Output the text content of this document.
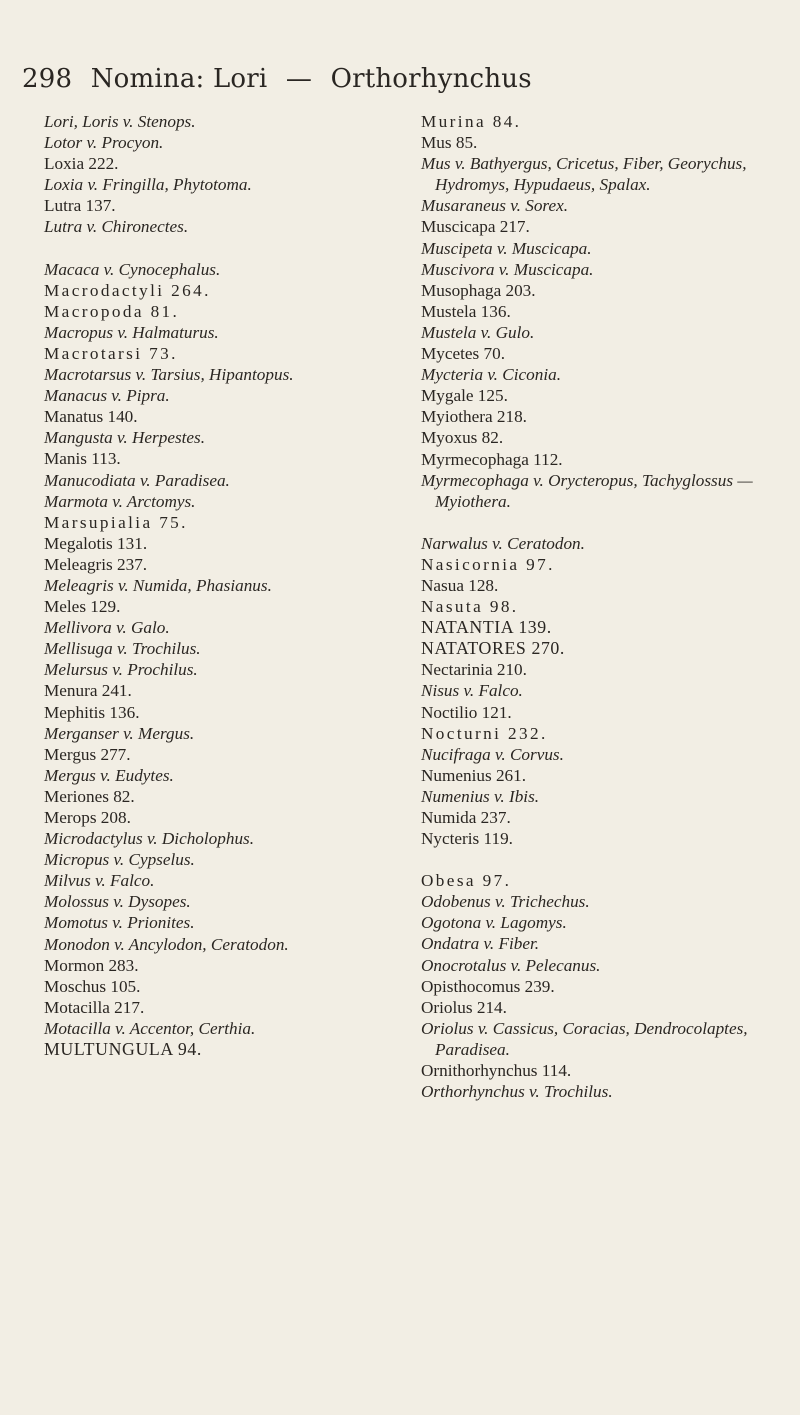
298 Nomina: Lori — Orthorhynchus
Lori, Loris v. Stenops.
Lotor v. Procyon.
Loxia 222.
Loxia v. Fringilla, Phytotoma.
Lutra 137.
Lutra v. Chironectes.
Macaca v. Cynocephalus.
Macrodactyli 264.
Macropoda 81.
Macropus v. Halmaturus.
Macrotarsi 73.
Macrotarsus v. Tarsius, Hipantopus.
Manacus v. Pipra.
Manatus 140.
Mangusta v. Herpestes.
Manis 113.
Manucodiata v. Paradisea.
Marmota v. Arctomys.
Marsupialia 75.
Megalotis 131.
Meleagris 237.
Meleagris v. Numida, Phasianus.
Meles 129.
Mellivora v. Galo.
Mellisuga v. Trochilus.
Melursus v. Prochilus.
Menura 241.
Mephitis 136.
Merganser v. Mergus.
Mergus 277.
Mergus v. Eudytes.
Meriones 82.
Merops 208.
Microdactylus v. Dicholophus.
Micropus v. Cypselus.
Milvus v. Falco.
Molossus v. Dysopes.
Momotus v. Prionites.
Monodon v. Ancylodon, Ceratodon.
Mormon 283.
Moschus 105.
Motacilla 217.
Motacilla v. Accentor, Certhia.
MULTUNGULA 94.
Murina 84.
Mus 85.
Mus v. Bathyergus, Cricetus, Fiber, Georychus, Hydromys, Hypudaeus, Spalax.
Musaraneus v. Sorex.
Muscicapa 217.
Muscipeta v. Muscicapa.
Muscivora v. Muscicapa.
Musophaga 203.
Mustela 136.
Mustela v. Gulo.
Mycetes 70.
Mycteria v. Ciconia.
Mygale 125.
Myiothera 218.
Myoxus 82.
Myrmecophaga 112.
Myrmecophaga v. Orycteropus, Tachyglossus — Myiothera.
Narwalus v. Ceratodon.
Nasicornia 97.
Nasua 128.
Nasuta 98.
NATANTIA 139.
NATATORES 270.
Nectarinia 210.
Nisus v. Falco.
Noctilio 121.
Nocturni 232.
Nucifraga v. Corvus.
Numenius 261.
Numenius v. Ibis.
Numida 237.
Nycteris 119.
Obesa 97.
Odobenus v. Trichechus.
Ogotona v. Lagomys.
Ondatra v. Fiber.
Onocrotalus v. Pelecanus.
Opisthocomus 239.
Oriolus 214.
Oriolus v. Cassicus, Coracias, Dendrocolaptes, Paradisea.
Ornithorhynchus 114.
Orthorhynchus v. Trochilus.
